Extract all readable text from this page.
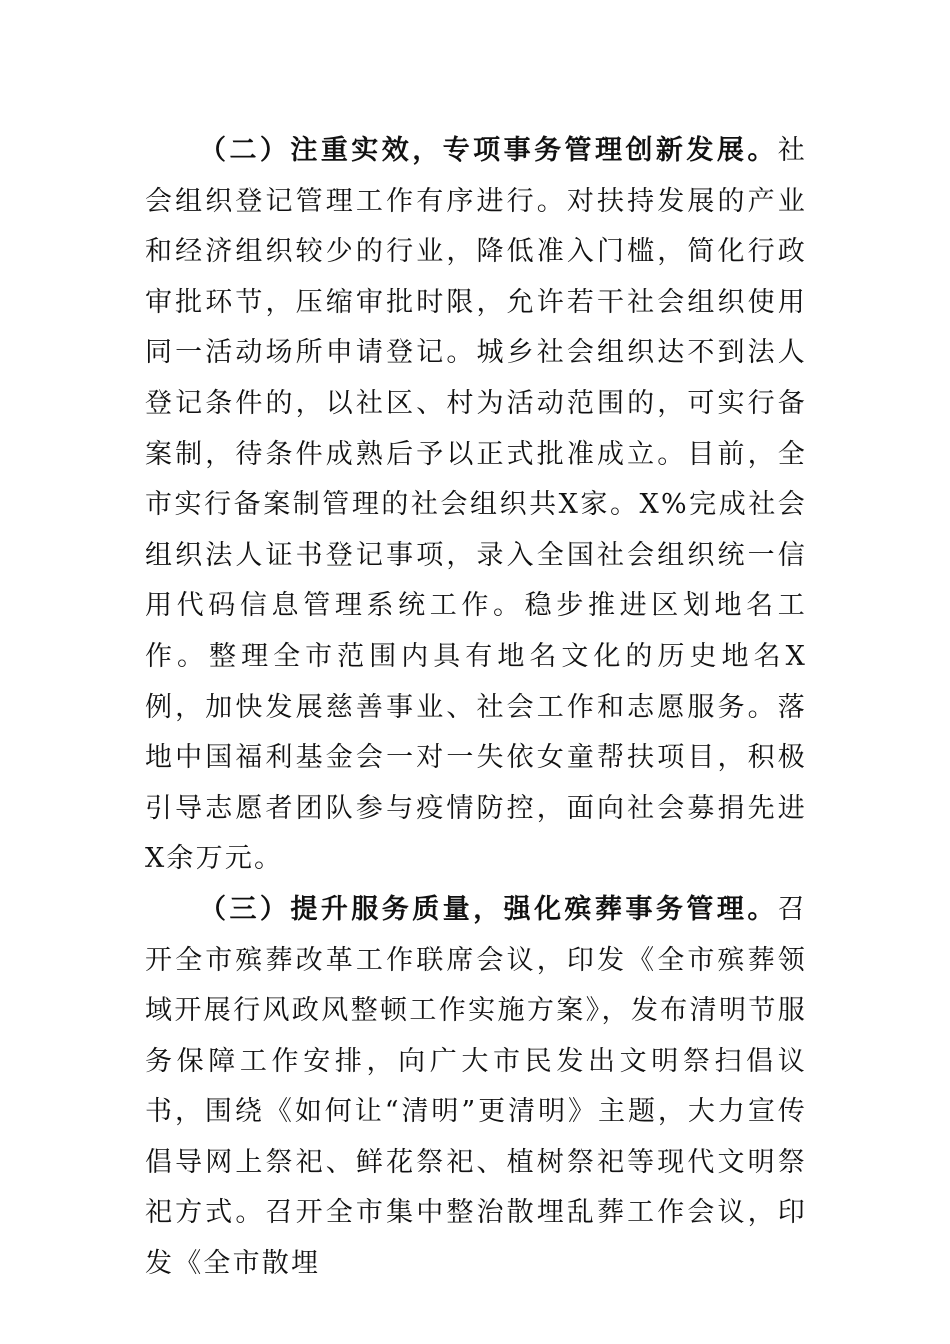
（二）注重实效，专项事务管理创新发展。社会组织登记管理工作有序进行。对扶持发展的产业和经济组织较少的行业，降低准入门槛，简化行政审批环节，压缩审批时限，允许若干社会组织使用同一活动场所申请登记。城乡社会组织达不到法人登记条件的，以社区、村为活动范围的，可实行备案制，待条件成熟后予以正式批准成立。目前，全市实行备案制管理的社会组织共X家。X%完成社会组织法人证书登记事项，录入全国社会组织统一信用代码信息管理系统工作。稳步推进区划地名工作。整理全市范围内具有地名文化的历史地名X例，加快发展慈善事业、社会工作和志愿服务。落地中国福利基金会一对一失依女童帮扶项目，积极引导志愿者团队参与疫情防控，面向社会募捐先进X余万元。

（三）提升服务质量，强化殡葬事务管理。召开全市殡葬改革工作联席会议，印发《全市殡葬领域开展行风政风整顿工作实施方案》，发布清明节服务保障工作安排，向广大市民发出文明祭扫倡议书，围绕《如何让“清明”更清明》主题，大力宣传倡导网上祭祀、鲜花祭祀、植树祭祀等现代文明祭祀方式。召开全市集中整治散埋乱葬工作会议，印发《全市散埋
